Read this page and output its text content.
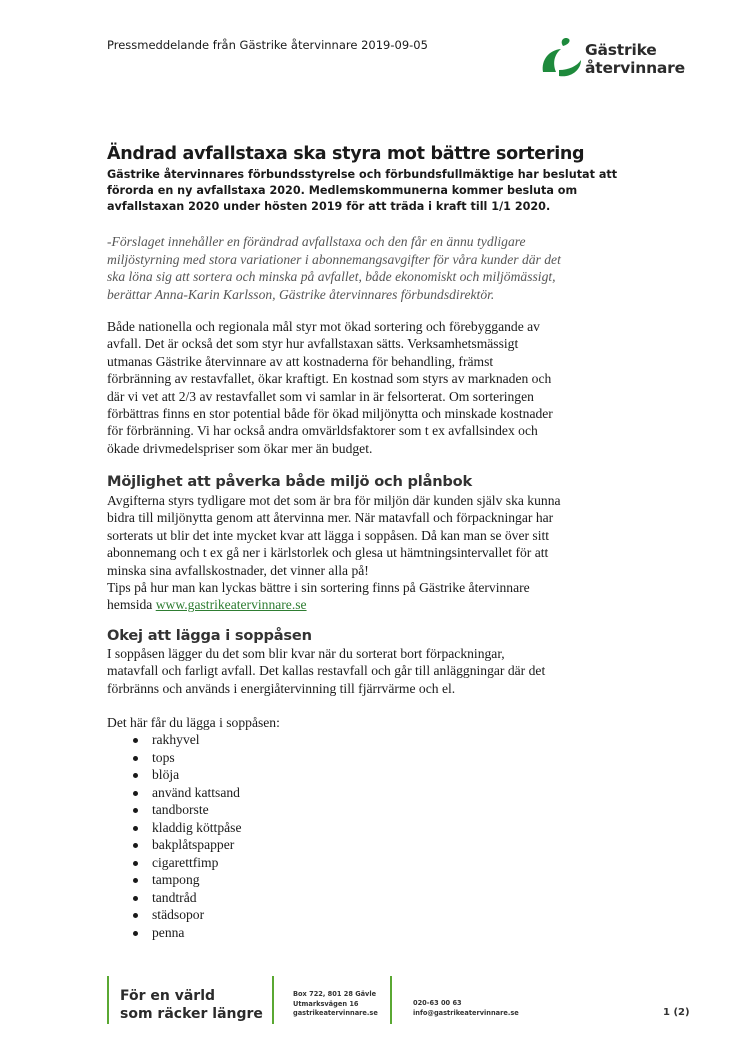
Pressmeddelande från Gästrike återvinnare 2019-09-05	Gästrike
återvinnare
Ändrad avfallstaxa ska styra mot bättre sortering
Gästrike återvinnares förbundsstyrelse och förbundsfullmäktige har beslutat att
förorda en ny avfallstaxa 2020. Medlemskommunerna kommer besluta om
avfallstaxan 2020 under hösten 2019 för att träda i kraft till 1/1 2020.
-Förslaget innehåller en förändrad avfallstaxa och den får en ännu tydligare
miljöstyrning med stora variationer i abonnemangsavgifter för våra kunder där det
ska löna sig att sortera och minska på avfallet, både ekonomiskt och miljömässigt,
berättar Anna-Karin Karlsson, Gästrike återvinnares förbundsdirektör.
Både nationella och regionala mål styr mot ökad sortering och förebyggande av
avfall. Det är också det som styr hur avfallstaxan sätts. Verksamhetsmässigt
utmanas Gästrike återvinnare av att kostnaderna för behandling, främst
förbränning av restavfallet, ökar kraftigt. En kostnad som styrs av marknaden och
där vi vet att 2/3 av restavfallet som vi samlar in är felsorterat. Om sorteringen
förbättras finns en stor potential både för ökad miljönytta och minskade kostnader
för förbränning. Vi har också andra omvärldsfaktorer som t ex avfallsindex och
ökade drivmedelspriser som ökar mer än budget.
Möjlighet att påverka både miljö och plånbok
Avgifterna styrs tydligare mot det som är bra för miljön där kunden själv ska kunna
bidra till miljönytta genom att återvinna mer. När matavfall och förpackningar har
sorterats ut blir det inte mycket kvar att lägga i soppåsen. Då kan man se över sitt
abonnemang och t ex gå ner i kärlstorlek och glesa ut hämtningsintervallet för att
minska sina avfallskostnader, det vinner alla på!
Tips på hur man kan lyckas bättre i sin sortering finns på Gästrike återvinnare
hemsida www.gastrikeatervinnare.se
Okej att lägga i soppåsen
I soppåsen lägger du det som blir kvar när du sorterat bort förpackningar,
matavfall och farligt avfall. Det kallas restavfall och går till anläggningar där det
förbränns och används i energiåtervinning till fjärrvärme och el.
Det här får du lägga i soppåsen:
rakhyvel
tops
blöja
använd kattsand
tandborste
kladdig köttpåse
bakplåtspapper
cigarettfimp
tampong
tandtråd
städsopor
penna
För en värld
som räcker längre
Box 722, 801 28 Gävle
Utmarksvägen 16
gastrikeatervinnare.se
020-63 00 63
info@gastrikeatervinnare.se	1 (2)
